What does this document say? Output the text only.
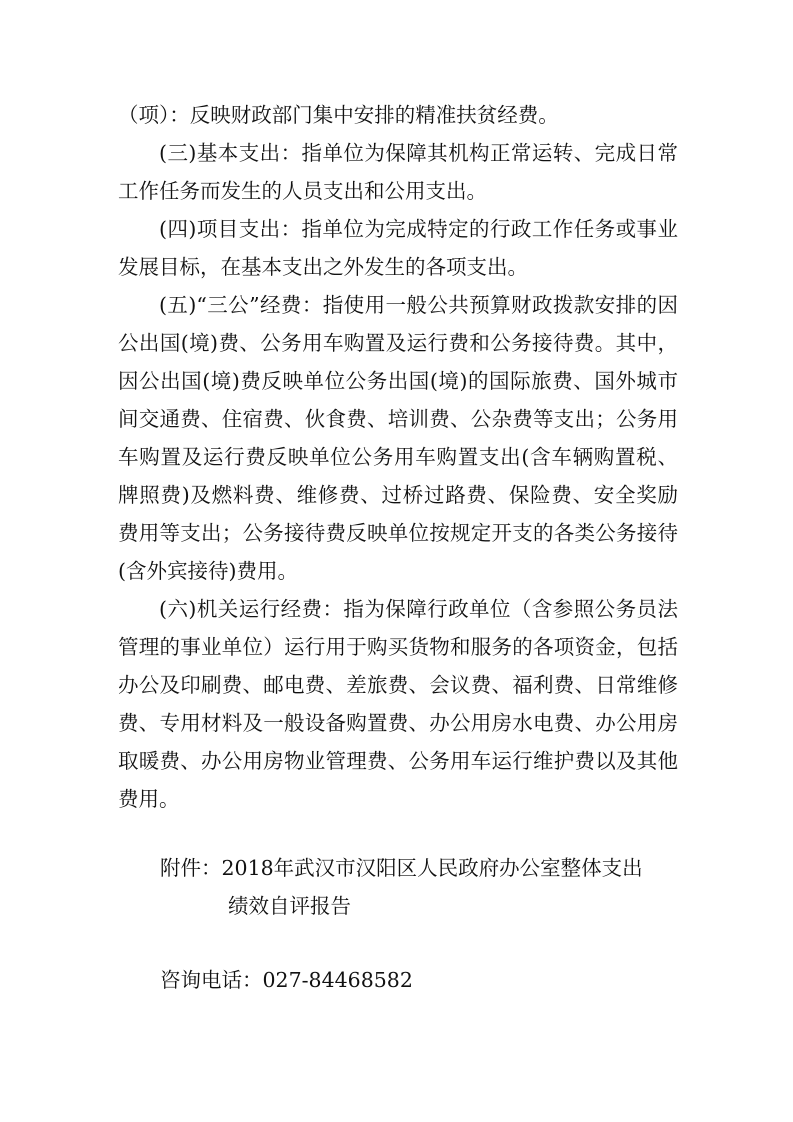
（项）：反映财政部门集中安排的精准扶贫经费。

(三)基本支出：指单位为保障其机构正常运转、完成日常工作任务而发生的人员支出和公用支出。

(四)项目支出：指单位为完成特定的行政工作任务或事业发展目标，在基本支出之外发生的各项支出。

(五)“三公”经费：指使用一般公共预算财政拨款安排的因公出国(境)费、公务用车购置及运行费和公务接待费。其中，因公出国(境)费反映单位公务出国(境)的国际旅费、国外城市间交通费、住宿费、伙食费、培训费、公杂费等支出；公务用车购置及运行费反映单位公务用车购置支出(含车辆购置税、牌照费)及燃料费、维修费、过桥过路费、保险费、安全奖励费用等支出；公务接待费反映单位按规定开支的各类公务接待(含外宾接待)费用。

(六)机关运行经费：指为保障行政单位（含参照公务员法管理的事业单位）运行用于购买货物和服务的各项资金，包括办公及印刷费、邮电费、差旅费、会议费、福利费、日常维修费、专用材料及一般设备购置费、办公用房水电费、办公用房取暖费、办公用房物业管理费、公务用车运行维护费以及其他费用。

附件：2018年武汉市汉阳区人民政府办公室整体支出
绩效自评报告
咨询电话：027-84468582
